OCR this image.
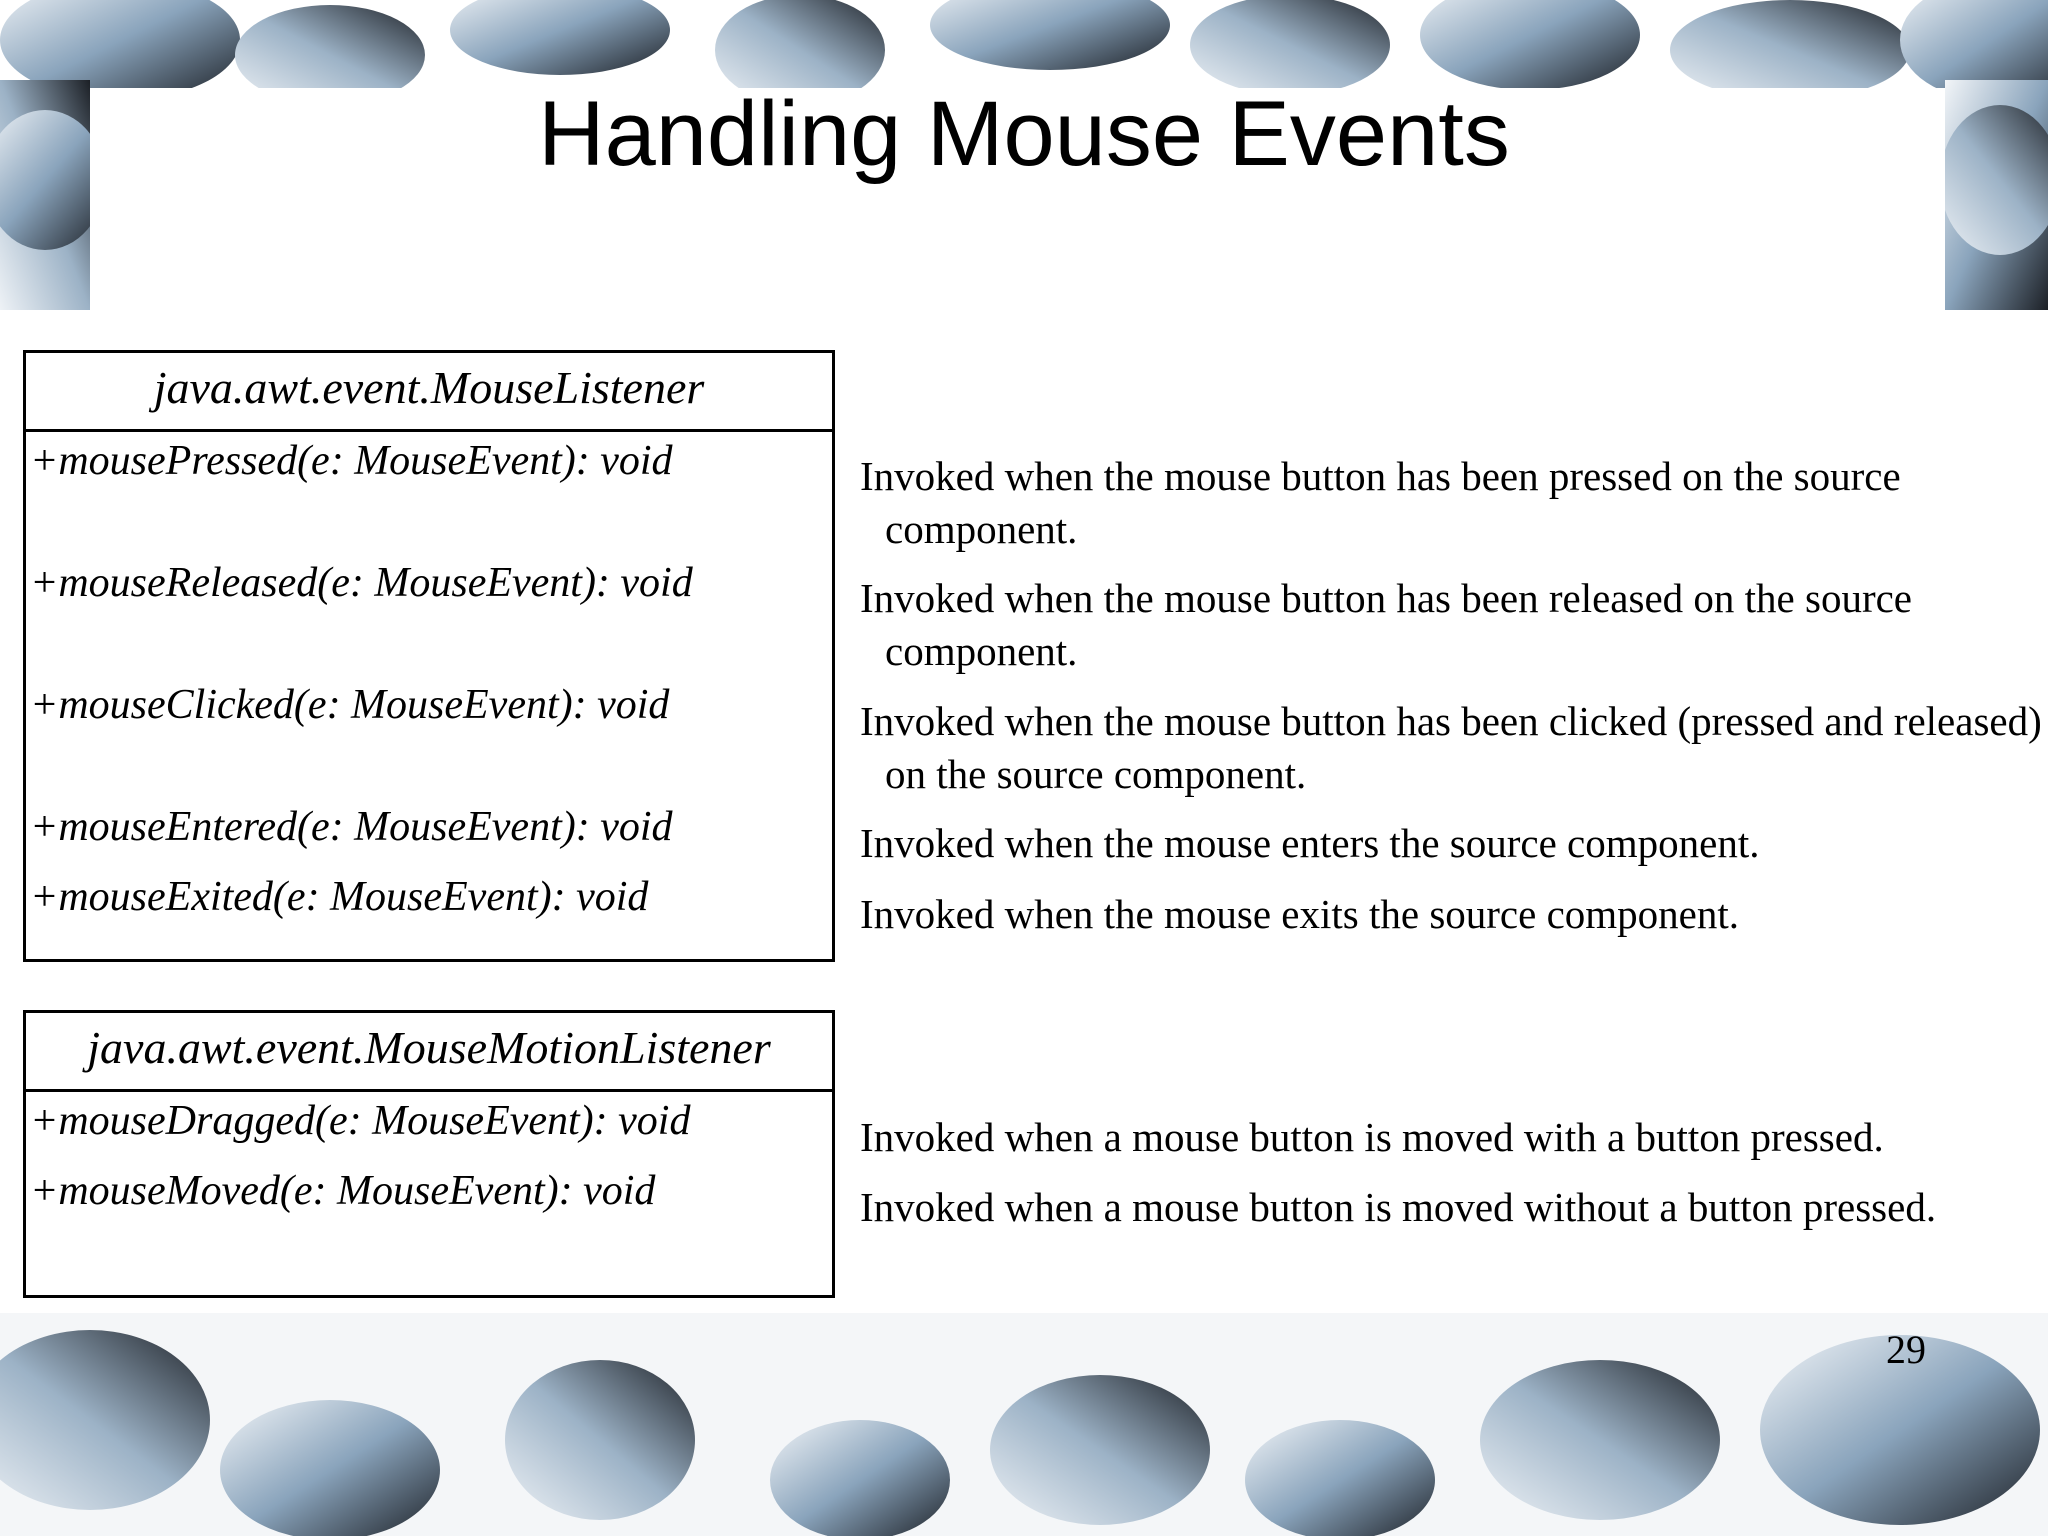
Handling Mouse Events
java.awt.event.MouseListener
+mousePressed(e: MouseEvent): void
+mouseReleased(e: MouseEvent): void
+mouseClicked(e: MouseEvent): void
+mouseEntered(e: MouseEvent): void
+mouseExited(e: MouseEvent): void
Invoked when the mouse button has been pressed on the source component.
Invoked when the mouse button has been released on the source component.
Invoked when the mouse button has been clicked (pressed and released) on the source component.
Invoked when the mouse enters the source component.
Invoked when the mouse exits the source component.
java.awt.event.MouseMotionListener
+mouseDragged(e: MouseEvent): void
+mouseMoved(e: MouseEvent): void
Invoked when a mouse button is moved with a button pressed.
Invoked when a mouse button is moved without a button pressed.
29
